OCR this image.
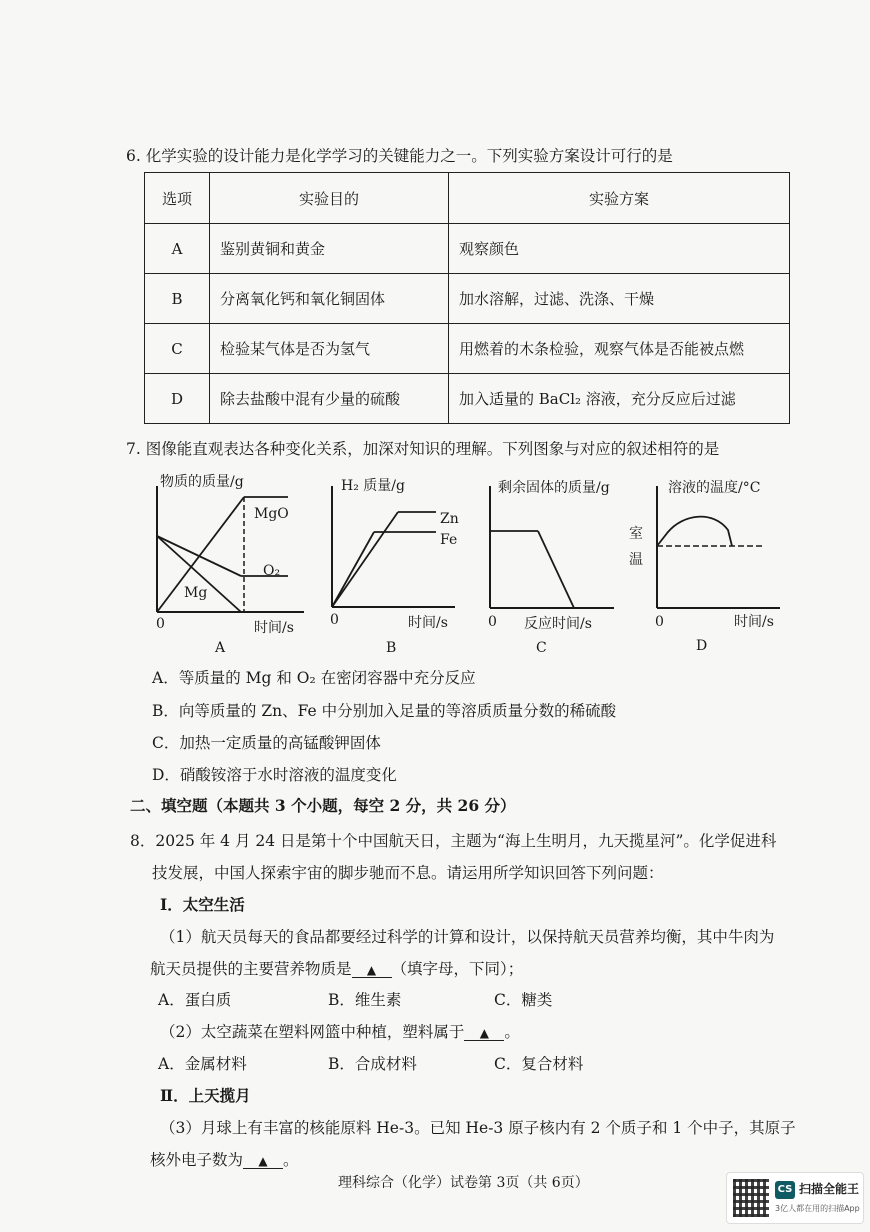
6. 化学实验的设计能力是化学学习的关键能力之一。下列实验方案设计可行的是
选项	实验目的	实验方案
A	鉴别黄铜和黄金	观察颜色
B	分离氧化钙和氧化铜固体	加水溶解，过滤、洗涤、干燥
C	检验某气体是否为氢气	用燃着的木条检验，观察气体是否能被点燃
D	除去盐酸中混有少量的硫酸	加入适量的 BaCl₂ 溶液，充分反应后过滤
7. 图像能直观表达各种变化关系，加深对知识的理解。下列图象与对应的叙述相符的是
物质的质量/g
MgO
O₂
Mg
0	时间/s
A
H₂ 质量/g
Zn
Fe
0	时间/s
B
剩余固体的质量/g
0 反应时间/s
C
溶液的温度/°C
室
温
0	时间/s
D
A．等质量的 Mg 和 O₂ 在密闭容器中充分反应
B．向等质量的 Zn、Fe 中分别加入足量的等溶质质量分数的稀硫酸
C．加热一定质量的高锰酸钾固体
D．硝酸铵溶于水时溶液的温度变化
二、填空题（本题共 3 个小题，每空 2 分，共 26 分）
8．2025 年 4 月 24 日是第十个中国航天日，主题为“海上生明月，九天揽星河”。化学促进科
技发展，中国人探索宇宙的脚步驰而不息。请运用所学知识回答下列问题：
Ⅰ．太空生活
（1）航天员每天的食品都要经过科学的计算和设计，以保持航天员营养均衡，其中牛肉为
航天员提供的主要营养物质是 ▲ （填字母，下同）；
A．蛋白质	B．维生素	C．糖类
（2）太空蔬菜在塑料网篮中种植，塑料属于 ▲ 。
A．金属材料	B．合成材料	C．复合材料
Ⅱ．上天揽月
（3）月球上有丰富的核能原料 He-3。已知 He-3 原子核内有 2 个质子和 1 个中子，其原子
核外电子数为 ▲ 。
理科综合（化学）试卷第 3页（共 6页）	CS 扫描全能王
3亿人都在用的扫描App
